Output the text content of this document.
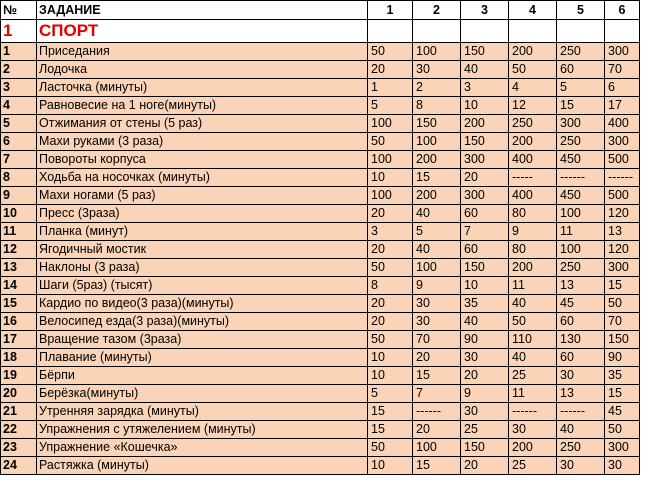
№	ЗАДАНИЕ	1	2	3	4	5	6
1	СПОРТ						
1	Приседания	50	100	150	200	250	300
2	Лодочка	20	30	40	50	60	70
3	Ласточка (минуты)	1	2	3	4	5	6
4	Равновесие на 1 ноге(минуты)	5	8	10	12	15	17
5	Отжимания от стены (5 раз)	100	150	200	250	300	400
6	Махи руками (3 раза)	50	100	150	200	250	300
7	Повороты корпуса	100	200	300	400	450	500
8	Ходьба на носочках (минуты)	10	15	20	-----	------	------
9	Махи ногами (5 раз)	100	200	300	400	450	500
10	Пресс (3раза)	20	40	60	80	100	120
11	Планка (минут)	3	5	7	9	11	13
12	Ягодичный мостик	20	40	60	80	100	120
13	Наклоны (3 раза)	50	100	150	200	250	300
14	Шаги (5раз) (тысят)	8	9	10	11	13	15
15	Кардио по видео(3 раза)(минуты)	20	30	35	40	45	50
16	Велосипед езда(3 раза)(минуты)	20	30	40	50	60	70
17	Вращение тазом (3раза)	50	70	90	110	130	150
18	Плавание (минуты)	10	20	30	40	60	90
19	Бёрпи	10	15	20	25	30	35
20	Берёзка(минуты)	5	7	9	11	13	15
21	Утренняя зарядка (минуты)	15	------	30	------	------	45
22	Упражнения с утяжелением (минуты)	15	20	25	30	40	50
23	Упражнение «Кошечка»	50	100	150	200	250	300
24	Растяжка (минуты)	10	15	20	25	30	30
